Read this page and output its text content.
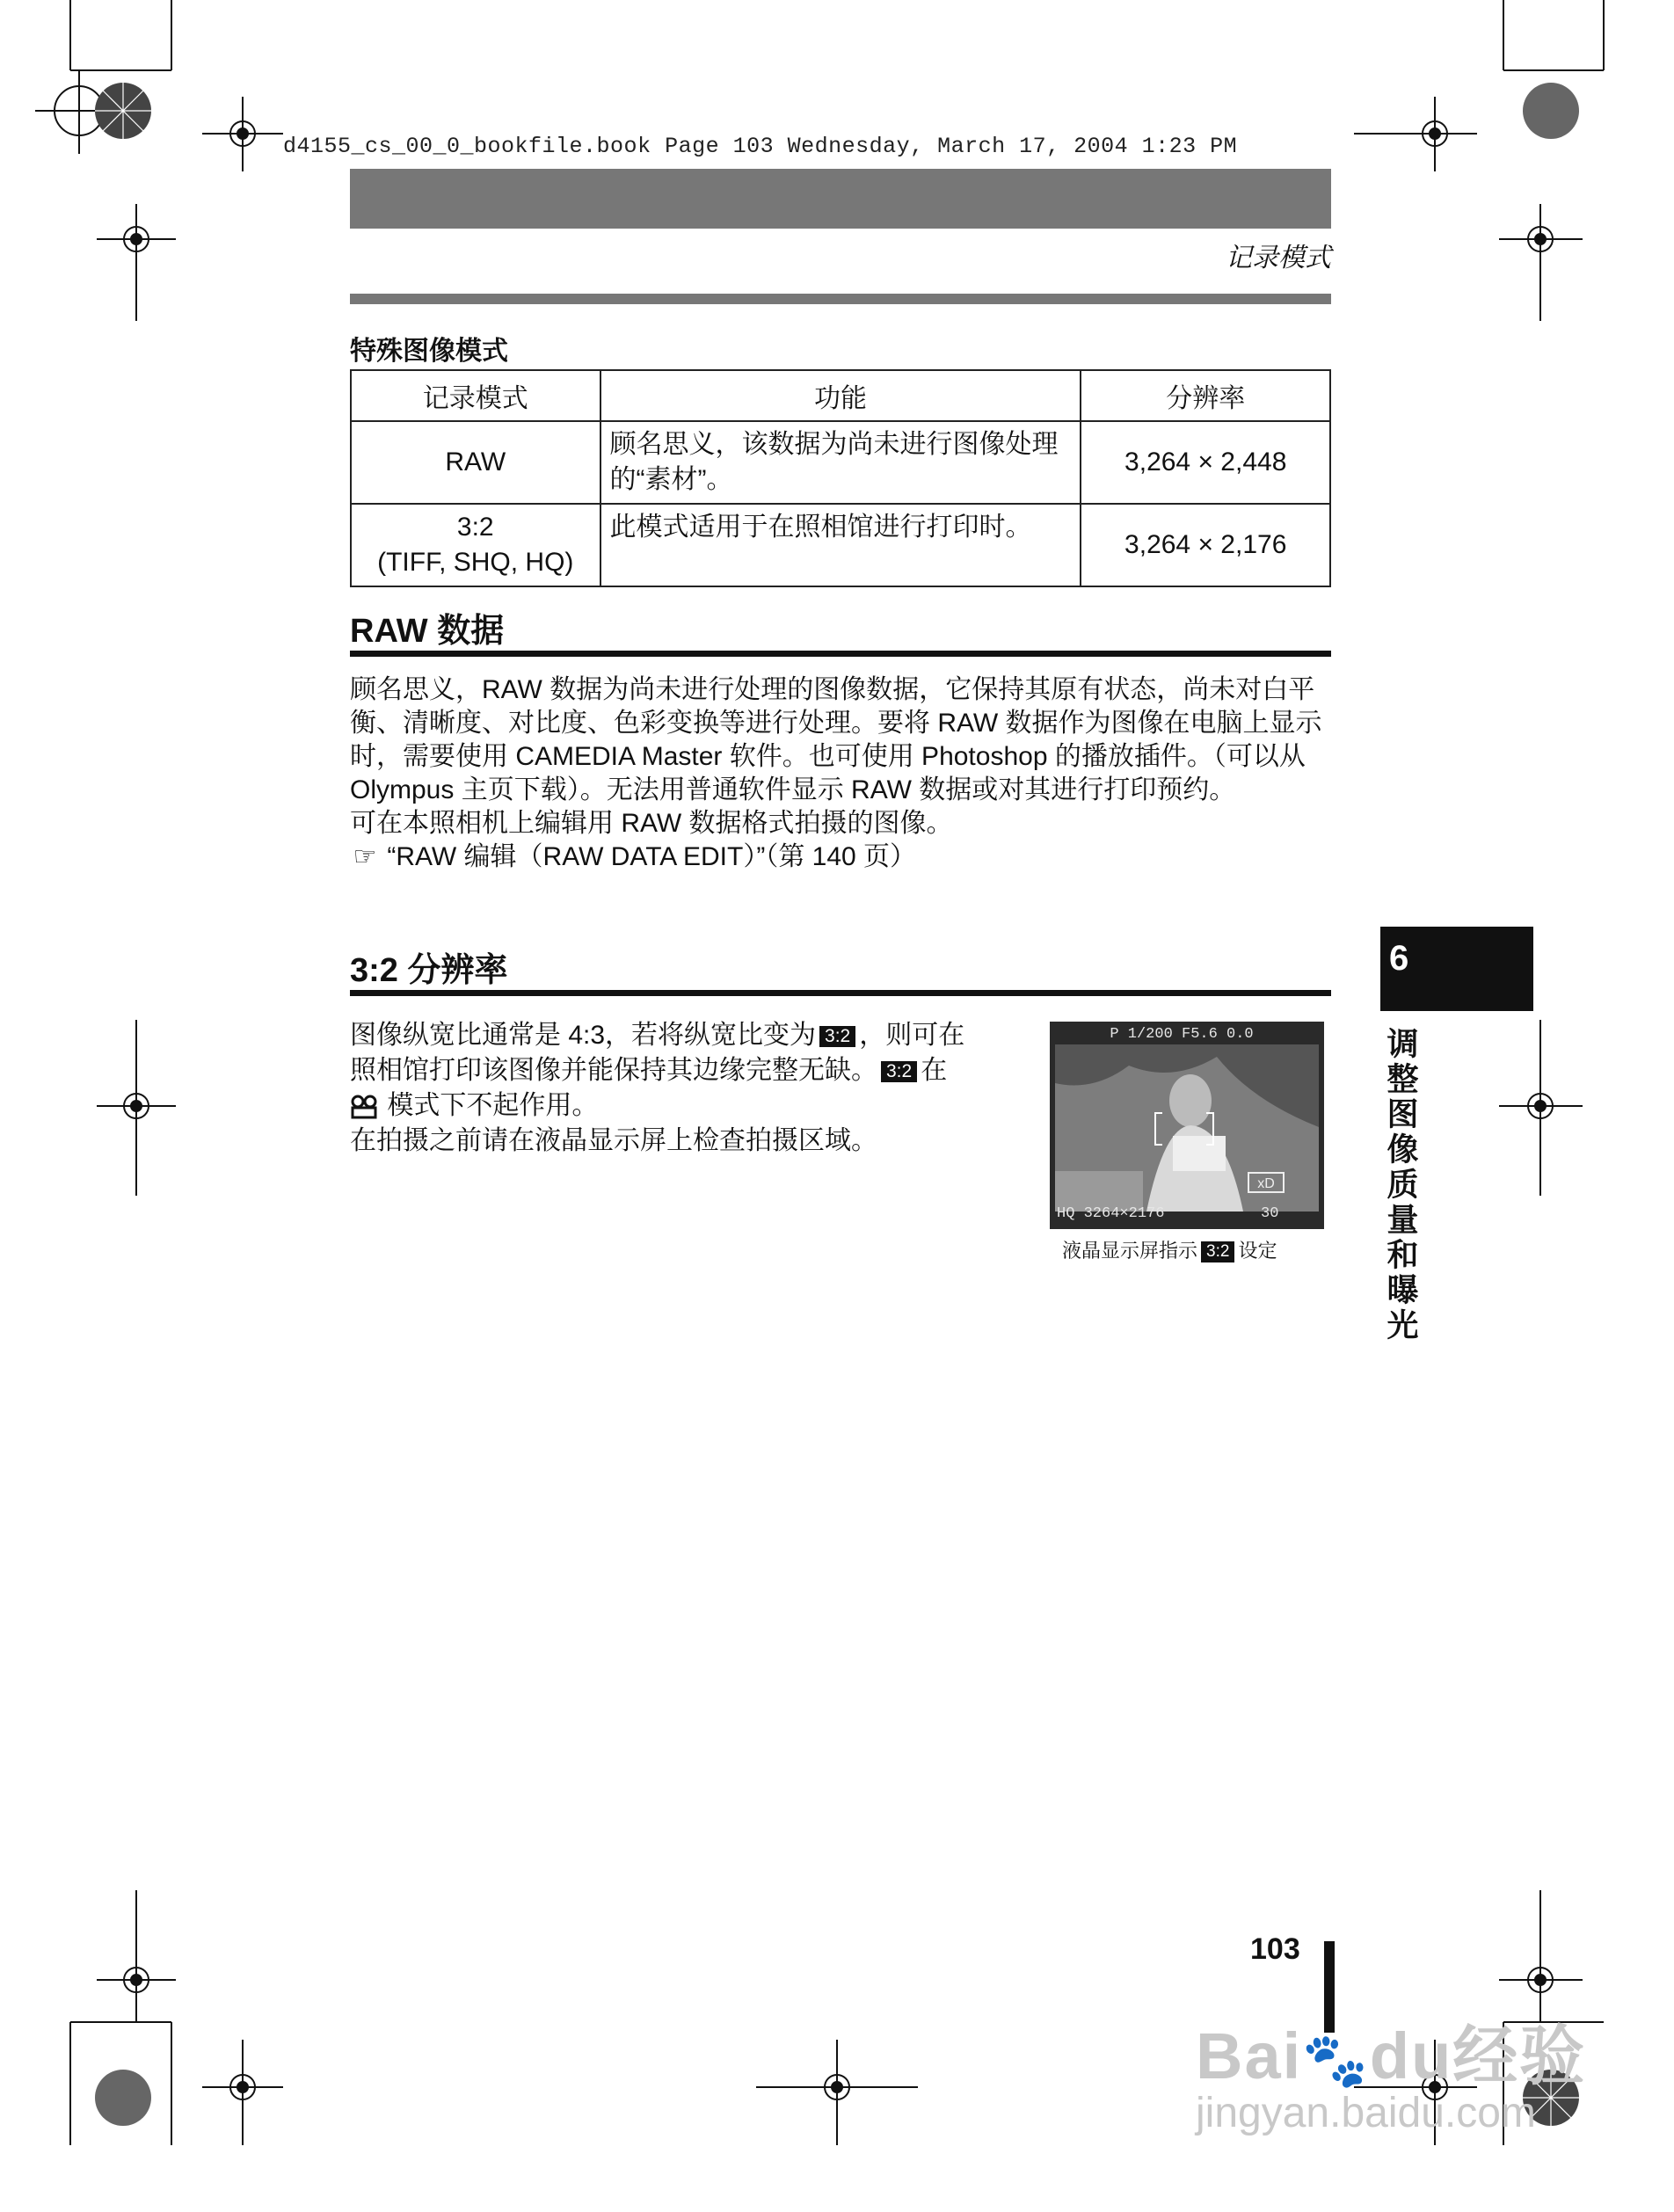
d4155_cs_00_0_bookfile.book Page 103 Wednesday, March 17, 2004 1:23 PM
记录模式
特殊图像模式
记录模式	功能	分辨率
RAW	顾名思义，该数据为尚未进行图像处理的“素材”。	3,264 × 2,448
3:2
(TIFF, SHQ, HQ)	此模式适用于在照相馆进行打印时。	3,264 × 2,176
RAW 数据

顾名思义，RAW 数据为尚未进行处理的图像数据，它保持其原有状态，尚未对白平衡、清晰度、对比度、色彩变换等进行处理。要将 RAW 数据作为图像在电脑上显示时，需要使用 CAMEDIA Master 软件。也可使用 Photoshop 的播放插件。（可以从 Olympus 主页下载）。无法用普通软件显示 RAW 数据或对其进行打印预约。

可在本照相机上编辑用 RAW 数据格式拍摄的图像。

☞ “RAW 编辑（RAW DATA EDIT）”（第 140 页）

3:2 分辨率

图像纵宽比通常是 4:3，若将纵宽比变为 3:2 ，则可在

照相馆打印该图像并能保持其边缘完整无缺。 3:2 在

模式下不起作用。

在拍摄之前请在液晶显示屏上检查拍摄区域。

P 1/200 F5.6 0.0
HQ 3264×2176	30
xD
液晶显示屏指示 3:2 设定
6
调整图像质量和曝光
103
Bai🐾du经验
jingyan.baidu.com
